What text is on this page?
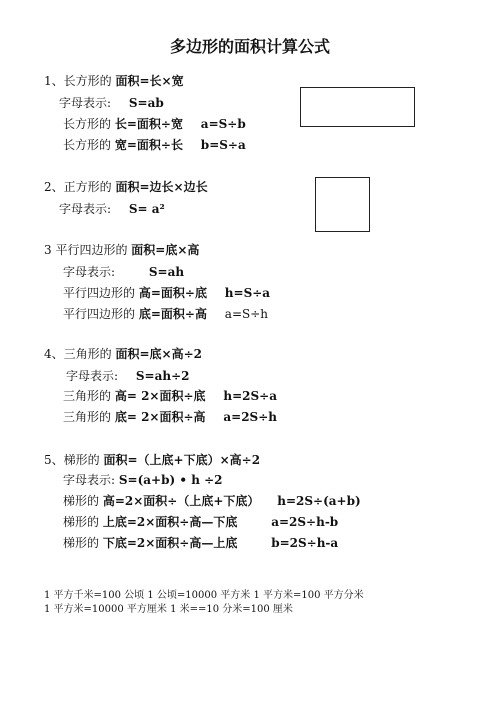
多边形的面积计算公式
1、长方形的 面积=长×宽
字母表示: S=ab
长方形的 长=面积÷宽 a=S÷b
长方形的 宽=面积÷长 b=S÷a
2、正方形的 面积=边长×边长
字母表示: S= a²
3 平行四边形的 面积=底×高
字母表示:	S=ah
平行四边形的 高=面积÷底 h=S÷a
平行四边形的 底=面积÷高 a=S÷h
4、三角形的 面积=底×高÷2
字母表示: S=ah÷2
三角形的 高= 2×面积÷底 h=2S÷a
三角形的 底= 2×面积÷高 a=2S÷h
5、梯形的 面积=（上底+下底）×高÷2
字母表示: S=(a+b) • h ÷2
梯形的 高=2×面积÷（上底+下底） h=2S÷(a+b)
梯形的 上底=2×面积÷高—下底	a=2S÷h-b
梯形的 下底=2×面积÷高—上底	b=2S÷h-a
1 平方千米=100 公顷 1 公顷=10000 平方米 1 平方米=100 平方分米
1 平方米=10000 平方厘米 1 米==10 分米=100 厘米
